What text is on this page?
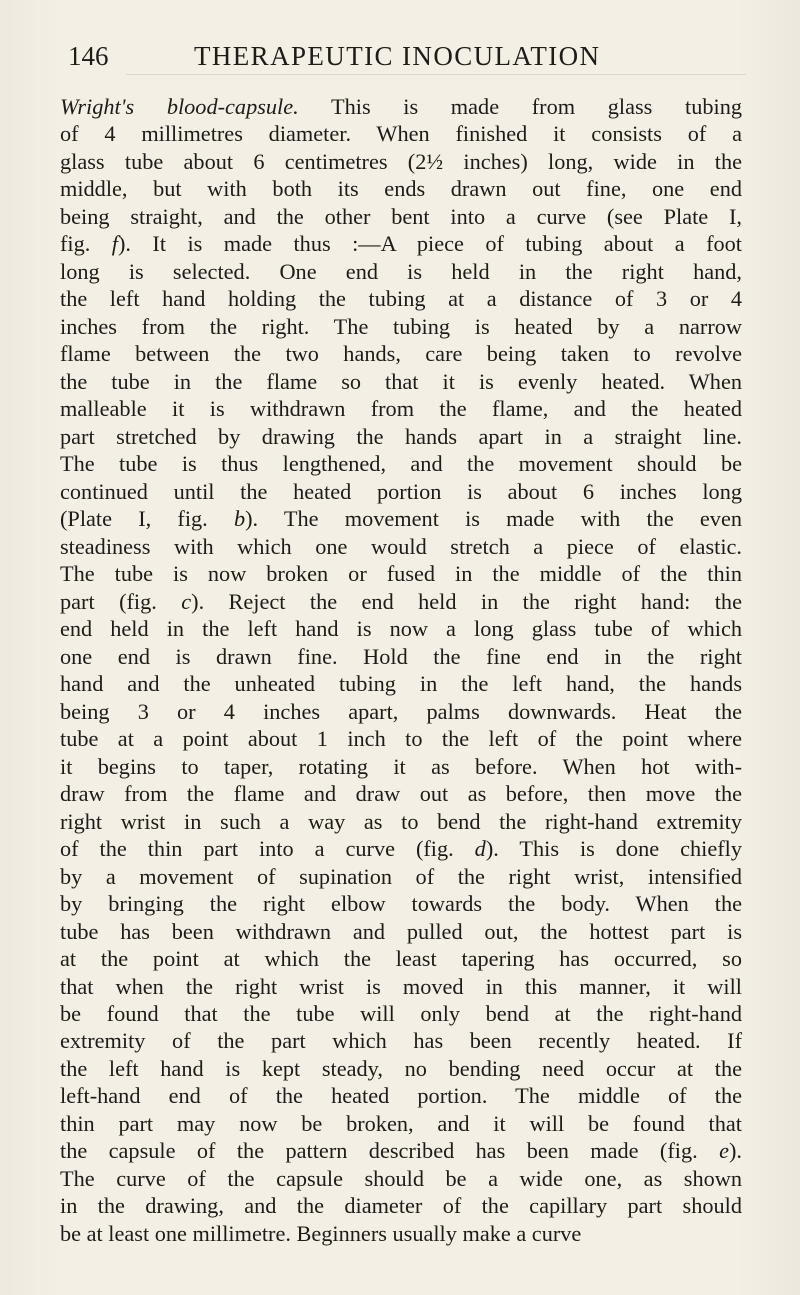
146	THERAPEUTIC INOCULATION
Wright's blood-capsule. This is made from glass tubing
of 4 millimetres diameter. When finished it consists of a
glass tube about 6 centimetres (2½ inches) long, wide in the
middle, but with both its ends drawn out fine, one end
being straight, and the other bent into a curve (see Plate I,
fig. f). It is made thus :—A piece of tubing about a foot
long is selected. One end is held in the right hand,
the left hand holding the tubing at a distance of 3 or 4
inches from the right. The tubing is heated by a narrow
flame between the two hands, care being taken to revolve
the tube in the flame so that it is evenly heated. When
malleable it is withdrawn from the flame, and the heated
part stretched by drawing the hands apart in a straight line.
The tube is thus lengthened, and the movement should be
continued until the heated portion is about 6 inches long
(Plate I, fig. b). The movement is made with the even
steadiness with which one would stretch a piece of elastic.
The tube is now broken or fused in the middle of the thin
part (fig. c). Reject the end held in the right hand: the
end held in the left hand is now a long glass tube of which
one end is drawn fine. Hold the fine end in the right
hand and the unheated tubing in the left hand, the hands
being 3 or 4 inches apart, palms downwards. Heat the
tube at a point about 1 inch to the left of the point where
it begins to taper, rotating it as before. When hot with-
draw from the flame and draw out as before, then move the
right wrist in such a way as to bend the right-hand extremity
of the thin part into a curve (fig. d). This is done chiefly
by a movement of supination of the right wrist, intensified
by bringing the right elbow towards the body. When the
tube has been withdrawn and pulled out, the hottest part is
at the point at which the least tapering has occurred, so
that when the right wrist is moved in this manner, it will
be found that the tube will only bend at the right-hand
extremity of the part which has been recently heated. If
the left hand is kept steady, no bending need occur at the
left-hand end of the heated portion. The middle of the
thin part may now be broken, and it will be found that
the capsule of the pattern described has been made (fig. e).
The curve of the capsule should be a wide one, as shown
in the drawing, and the diameter of the capillary part should
be at least one millimetre. Beginners usually make a curve
